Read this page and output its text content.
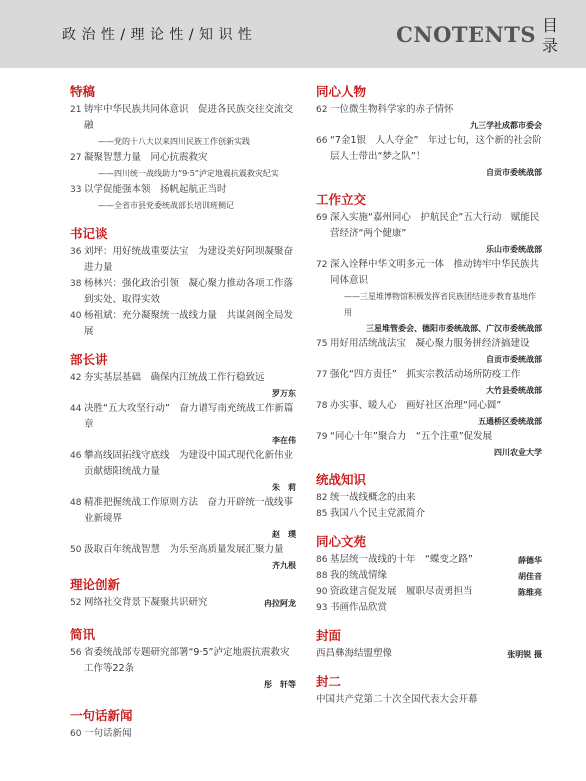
政 治 性 / 理 论 性 / 知 识 性	CNOTENTS 目录
特稿
21 铸牢中华民族共同体意识　促进各民族交往交流交融
——党的十八大以来四川民族工作创新实践
27 凝聚智慧力量　同心抗震救灾
——四川统一战线助力“9·5”泸定地震抗震救灾纪实
33 以学促能强本领　扬帆起航正当时
——全省市县党委统战部长培训班侧记
书记谈
36 刘坪：用好统战重要法宝　为建设美好阿坝凝聚奋进力量
38 杨林兴：强化政治引领　凝心聚力推动各项工作落到实处、取得实效
40 杨祖斌：充分凝聚统一战线力量　共谋剑阁全局发展
部长讲
42 夯实基层基础　确保内江统战工作行稳致远
罗万东
44 决胜“五大攻坚行动”　奋力谱写南充统战工作新篇章
李在伟
46 攀高线固拓线守底线　为建设中国式现代化新伟业贡献德阳统战力量
朱　莉
48 精准把握统战工作原则方法　奋力开辟统一战线事业新境界
赵　璞
50 汲取百年统战智慧　为乐至高质量发展汇聚力量
齐九根
理论创新
52 网络社交背景下凝聚共识研究	冉拉阿龙
简讯
56 省委统战部专题研究部署“9·5”泸定地震抗震救灾工作等22条
彤　轩等
一句话新闻
60 一句话新闻
同心人物
62 一位微生物科学家的赤子情怀
九三学社成都市委会
66 “7金1银　人人夺金”　年过七旬，这个新的社会阶层人士带出“梦之队”！
自贡市委统战部
工作立交
69 深入实施“嘉州同心　护航民企”五大行动　赋能民营经济“两个健康”
乐山市委统战部
72 深入诠释中华文明多元一体　推动铸牢中华民族共同体意识
——三星堆博物馆积极发挥省民族团结进步教育基地作用
三星堆管委会、德阳市委统战部、广汉市委统战部
75 用好用活统战法宝　凝心聚力服务拼经济搞建设
自贡市委统战部
77 强化“四方责任”　抓实宗教活动场所防疫工作
大竹县委统战部
78 办实事、暖人心　画好社区治理“同心圆”
五通桥区委统战部
79 “同心十年”聚合力　“五个注重”促发展
四川农业大学
统战知识
82 统一战线概念的由来
85 我国八个民主党派简介
同心文苑
86 基层统一战线的十年　“蝶变之路”	薛德华
88 我的统战情缘	胡佳音
90 资政建言促发展　履职尽责勇担当	陈维亮
93 书画作品欣赏
封面
西昌彝海结盟塑像	张明锐 摄
封二
中国共产党第二十次全国代表大会开幕
